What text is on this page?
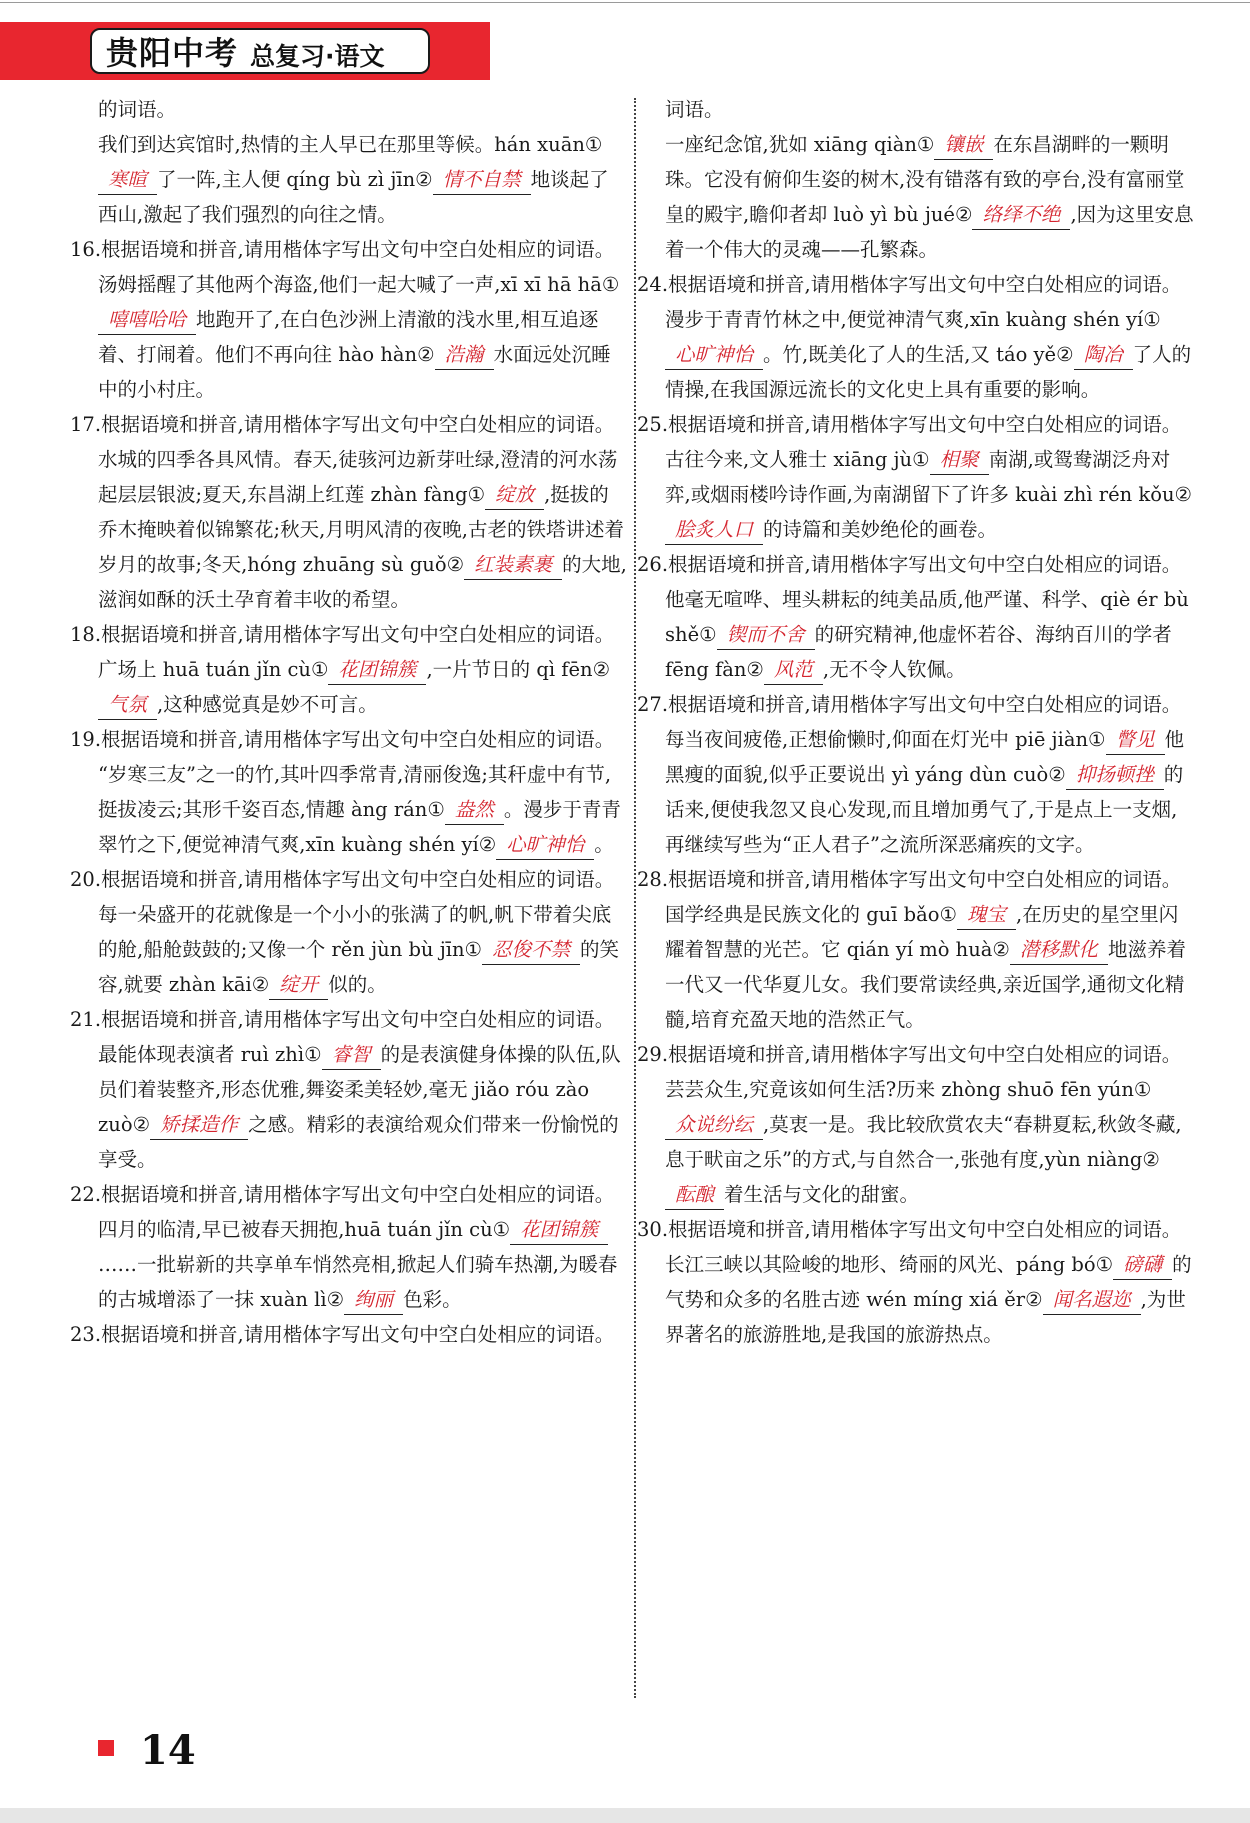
贵阳中考 总复习·语文

的词语。

我们到达宾馆时,热情的主人早已在那里等候。hán xuān①寒暄 了一阵,主人便 qíng bù zì jīn② 情不自禁 地谈起了西山,激起了我们强烈的向往之情。

16.根据语境和拼音,请用楷体字写出文句中空白处相应的词语。

汤姆摇醒了其他两个海盗,他们一起大喊了一声,xī xī hā hā①嘻嘻哈哈 地跑开了,在白色沙洲上清澈的浅水里,相互追逐着、打闹着。他们不再向往 hào hàn② 浩瀚 水面远处沉睡中的小村庄。

17.根据语境和拼音,请用楷体字写出文句中空白处相应的词语。

水城的四季各具风情。春天,徒骇河边新芽吐绿,澄清的河水荡起层层银波;夏天,东昌湖上红莲 zhàn fàng① 绽放 ,挺拔的乔木掩映着似锦繁花;秋天,月明风清的夜晚,古老的铁塔讲述着岁月的故事;冬天,hóng zhuāng sù guǒ② 红装素裹 的大地,滋润如酥的沃土孕育着丰收的希望。

18.根据语境和拼音,请用楷体字写出文句中空白处相应的词语。

广场上 huā tuán jǐn cù① 花团锦簇 ,一片节日的 qì fēn②气氛 ,这种感觉真是妙不可言。

19.根据语境和拼音,请用楷体字写出文句中空白处相应的词语。

“岁寒三友”之一的竹,其叶四季常青,清丽俊逸;其秆虚中有节,挺拔凌云;其形千姿百态,情趣 àng rán① 盎然 。漫步于青青翠竹之下,便觉神清气爽,xīn kuàng shén yí② 心旷神怡 。

20.根据语境和拼音,请用楷体字写出文句中空白处相应的词语。

每一朵盛开的花就像是一个小小的张满了的帆,帆下带着尖底的舱,船舱鼓鼓的;又像一个 rěn jùn bù jīn① 忍俊不禁 的笑容,就要 zhàn kāi② 绽开 似的。

21.根据语境和拼音,请用楷体字写出文句中空白处相应的词语。

最能体现表演者 ruì zhì① 睿智 的是表演健身体操的队伍,队员们着装整齐,形态优雅,舞姿柔美轻妙,毫无 jiǎo róu zào zuò② 矫揉造作 之感。精彩的表演给观众们带来一份愉悦的享受。

22.根据语境和拼音,请用楷体字写出文句中空白处相应的词语。

四月的临清,早已被春天拥抱,huā tuán jǐn cù① 花团锦簇……一批崭新的共享单车悄然亮相,掀起人们骑车热潮,为暖春的古城增添了一抹 xuàn lì② 绚丽 色彩。

23.根据语境和拼音,请用楷体字写出文句中空白处相应的词语。

词语。

一座纪念馆,犹如 xiāng qiàn① 镶嵌 在东昌湖畔的一颗明珠。它没有俯仰生姿的树木,没有错落有致的亭台,没有富丽堂皇的殿宇,瞻仰者却 luò yì bù jué② 络绎不绝 ,因为这里安息着一个伟大的灵魂——孔繁森。

24.根据语境和拼音,请用楷体字写出文句中空白处相应的词语。

漫步于青青竹林之中,便觉神清气爽,xīn kuàng shén yí①心旷神怡 。竹,既美化了人的生活,又 táo yě② 陶冶 了人的情操,在我国源远流长的文化史上具有重要的影响。

25.根据语境和拼音,请用楷体字写出文句中空白处相应的词语。

古往今来,文人雅士 xiāng jù① 相聚 南湖,或鸳鸯湖泛舟对弈,或烟雨楼吟诗作画,为南湖留下了许多 kuài zhì rén kǒu②脍炙人口 的诗篇和美妙绝伦的画卷。

26.根据语境和拼音,请用楷体字写出文句中空白处相应的词语。

他毫无喧哗、埋头耕耘的纯美品质,他严谨、科学、qiè ér bù shě① 锲而不舍 的研究精神,他虚怀若谷、海纳百川的学者 fēng fàn② 风范 ,无不令人钦佩。

27.根据语境和拼音,请用楷体字写出文句中空白处相应的词语。

每当夜间疲倦,正想偷懒时,仰面在灯光中 piē jiàn① 瞥见 他黑瘦的面貌,似乎正要说出 yì yáng dùn cuò② 抑扬顿挫 的话来,便使我忽又良心发现,而且增加勇气了,于是点上一支烟,再继续写些为“正人君子”之流所深恶痛疾的文字。

28.根据语境和拼音,请用楷体字写出文句中空白处相应的词语。

国学经典是民族文化的 guī bǎo① 瑰宝 ,在历史的星空里闪耀着智慧的光芒。它 qián yí mò huà② 潜移默化 地滋养着一代又一代华夏儿女。我们要常读经典,亲近国学,通彻文化精髓,培育充盈天地的浩然正气。

29.根据语境和拼音,请用楷体字写出文句中空白处相应的词语。

芸芸众生,究竟该如何生活?历来 zhòng shuō fēn yún①众说纷纭 ,莫衷一是。我比较欣赏农夫“春耕夏耘,秋敛冬藏,息于畎亩之乐”的方式,与自然合一,张弛有度,yùn niàng②酝酿 着生活与文化的甜蜜。

30.根据语境和拼音,请用楷体字写出文句中空白处相应的词语。

长江三峡以其险峻的地形、绮丽的风光、páng bó① 磅礴 的气势和众多的名胜古迹 wén míng xiá ěr② 闻名遐迩 ,为世界著名的旅游胜地,是我国的旅游热点。

14
